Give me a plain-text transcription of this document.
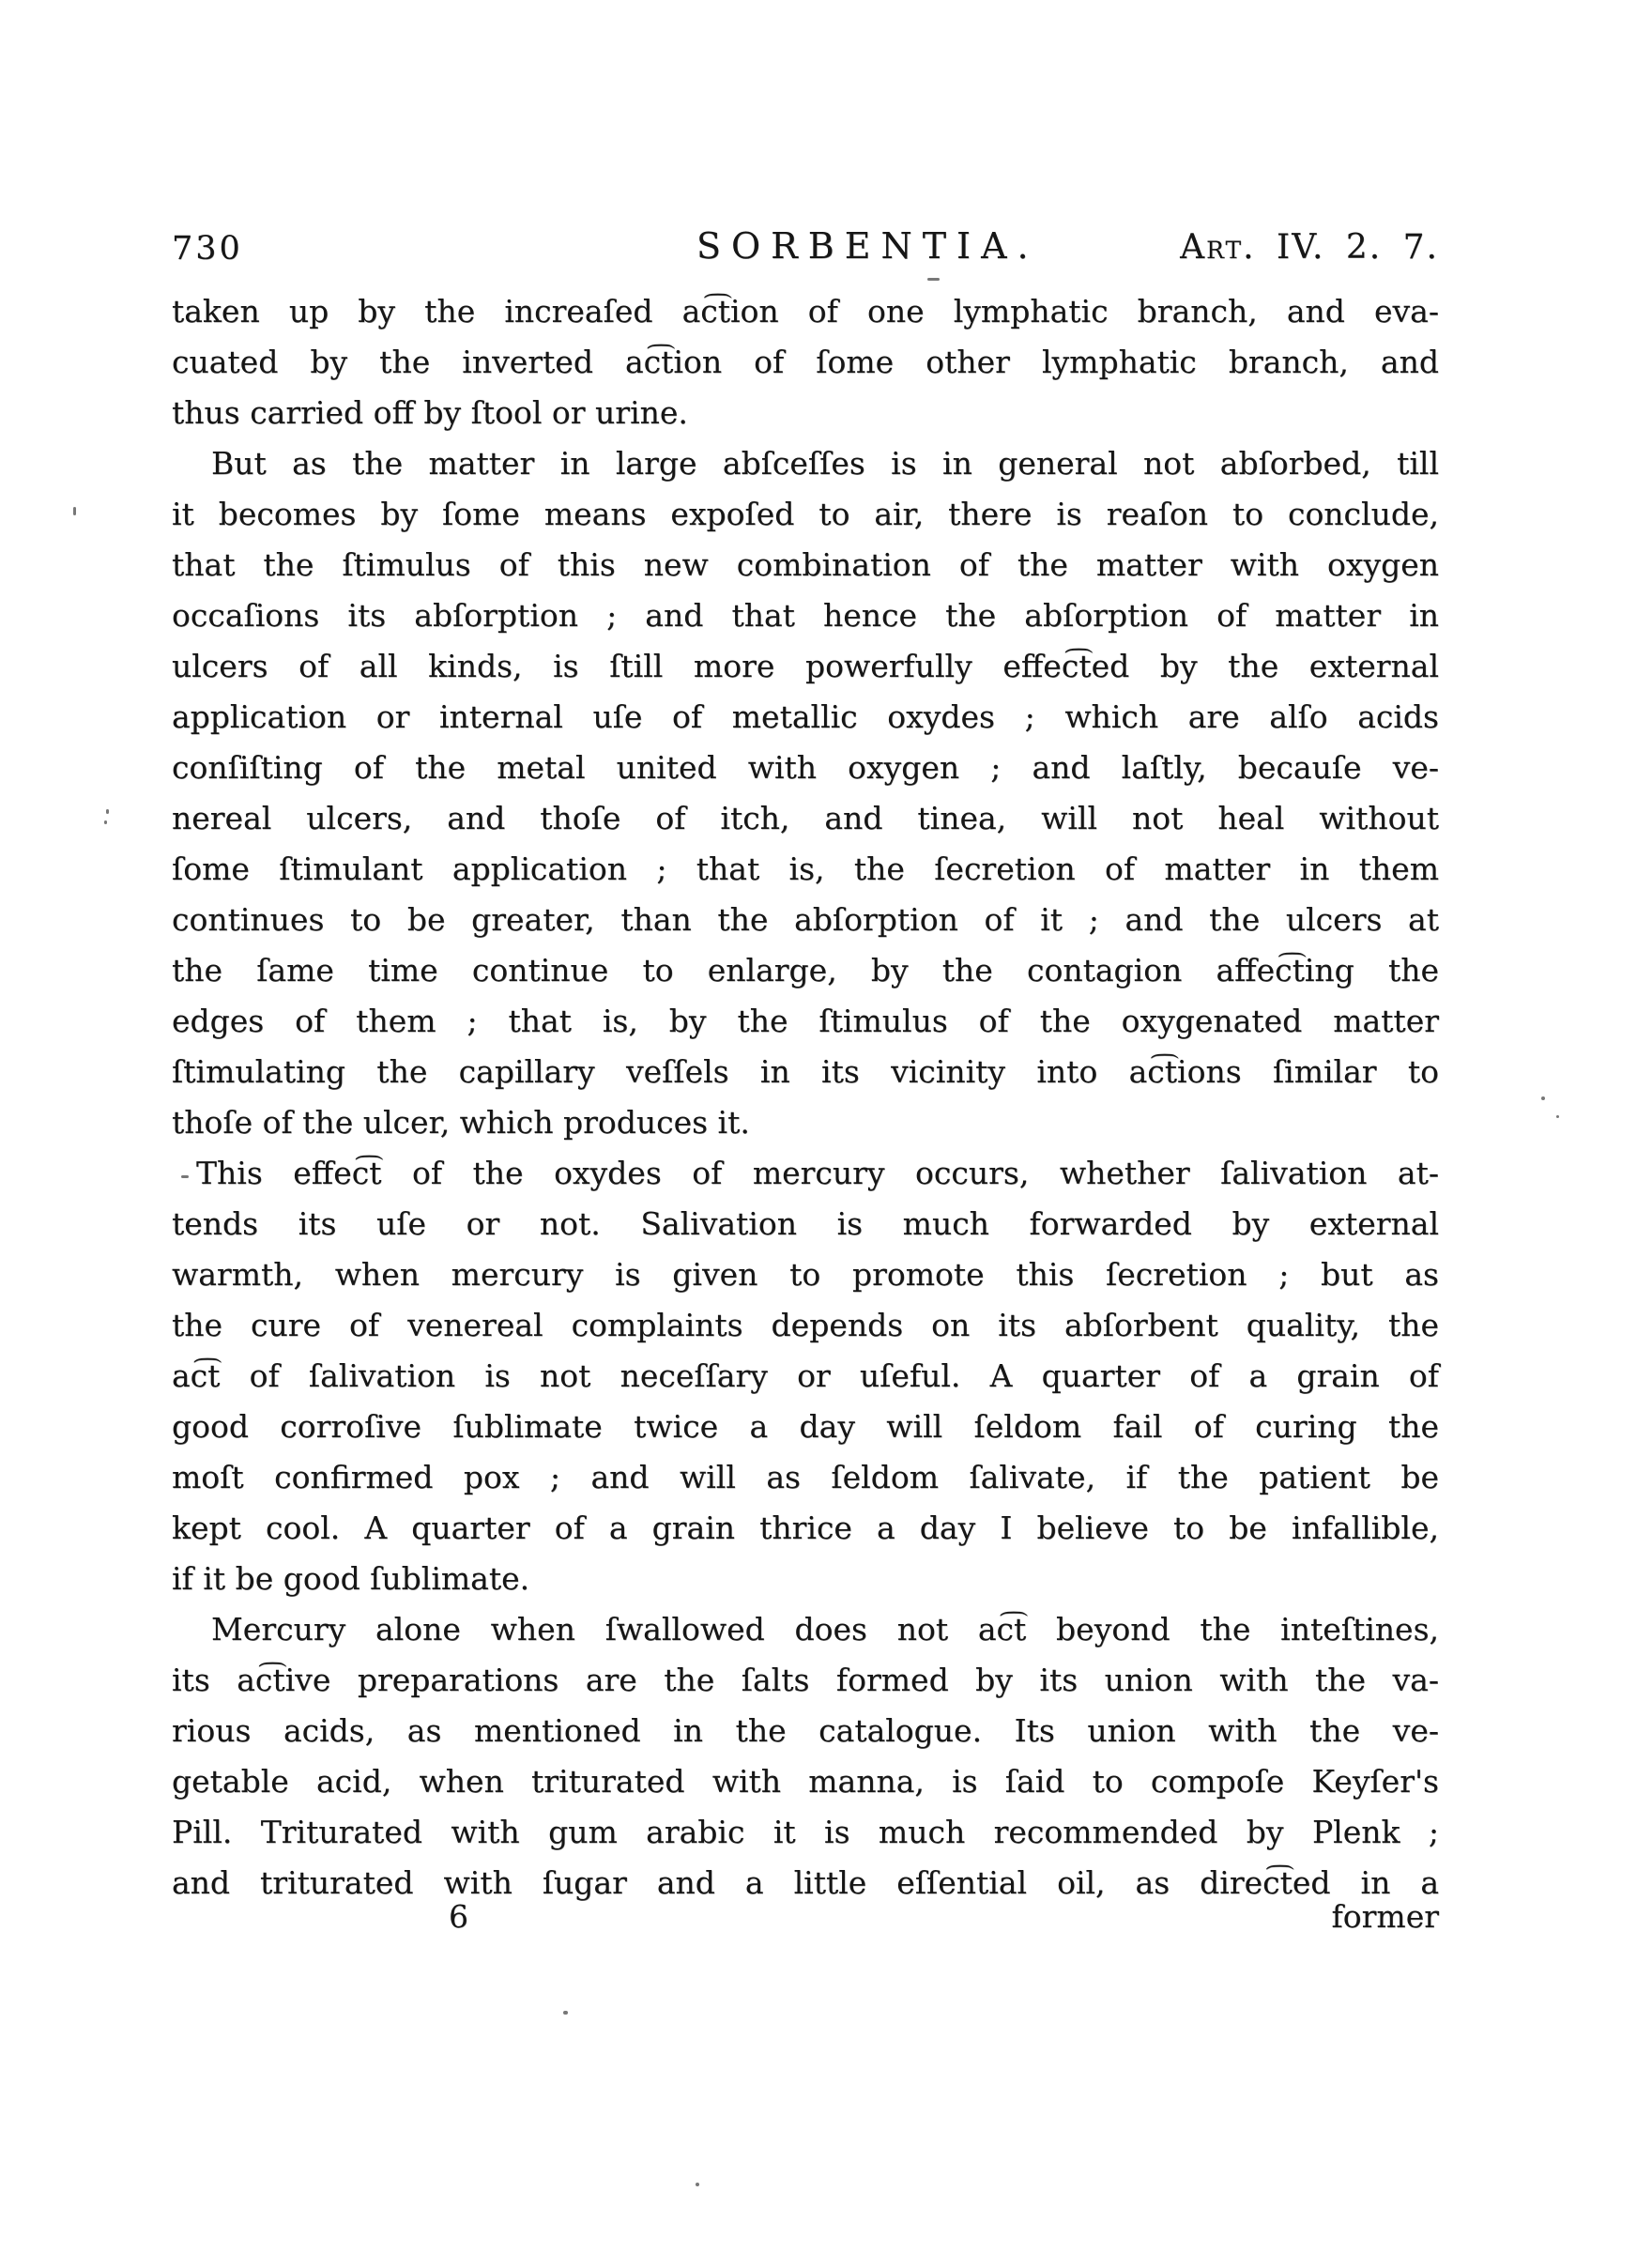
730	SORBENTIA.	Art. IV. 2. 7.
taken up by the increaſed ac͡tion of one lymphatic branch, and eva-
cuated by the inverted ac͡tion of ſome other lymphatic branch, and
thus carried off by ſtool or urine.
But as the matter in large abſceſſes is in general not abſorbed, till
it becomes by ſome means expoſed to air, there is reaſon to conclude,
that the ſtimulus of this new combination of the matter with oxygen
occaſions its abſorption ; and that hence the abſorption of matter in
ulcers of all kinds, is ſtill more powerfully effec͡ted by the external
application or internal uſe of metallic oxydes ; which are alſo acids
conſiſting of the metal united with oxygen ; and laſtly, becauſe ve-
nereal ulcers, and thoſe of itch, and tinea, will not heal without
ſome ſtimulant application ; that is, the ſecretion of matter in them
continues to be greater, than the abſorption of it ; and the ulcers at
the ſame time continue to enlarge, by the contagion affec͡ting the
edges of them ; that is, by the ſtimulus of the oxygenated matter
ſtimulating the capillary veſſels in its vicinity into ac͡tions ſimilar to
thoſe of the ulcer, which produces it.
This effec͡t of the oxydes of mercury occurs, whether ſalivation at-
tends its uſe or not. Salivation is much forwarded by external
warmth, when mercury is given to promote this ſecretion ; but as
the cure of venereal complaints depends on its abſorbent quality, the
ac͡t of ſalivation is not neceſſary or uſeful. A quarter of a grain of
good corroſive ſublimate twice a day will ſeldom fail of curing the
moſt confirmed pox ; and will as ſeldom ſalivate, if the patient be
kept cool. A quarter of a grain thrice a day I believe to be infallible,
if it be good ſublimate.
Mercury alone when ſwallowed does not ac͡t beyond the inteſtines,
its ac͡tive preparations are the ſalts formed by its union with the va-
rious acids, as mentioned in the catalogue. Its union with the ve-
getable acid, when triturated with manna, is ſaid to compoſe Keyſer's
Pill. Triturated with gum arabic it is much recommended by Plenk ;
and triturated with ſugar and a little eſſential oil, as direc͡ted in a
6	former
